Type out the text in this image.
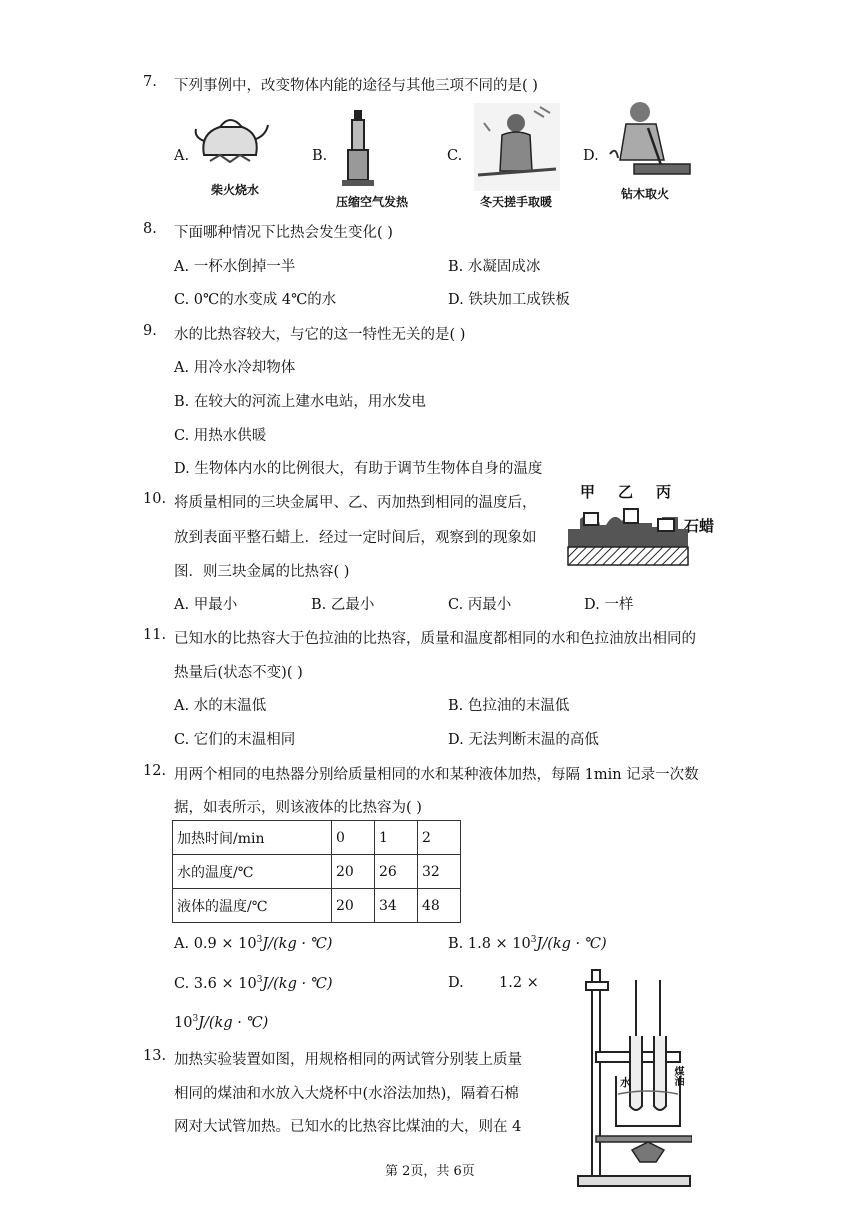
7. 下列事例中，改变物体内能的途径与其他三项不同的是( )
A.
柴火烧水
B.
压缩空气发热
C.
冬天搓手取暖
D.
钻木取火
8. 下面哪种情况下比热会发生变化( )
A. 一杯水倒掉一半	B. 水凝固成冰
C. 0℃的水变成 4℃的水	D. 铁块加工成铁板
9. 水的比热容较大，与它的这一特性无关的是( )
A. 用冷水冷却物体
B. 在较大的河流上建水电站，用水发电
C. 用热水供暖
D. 生物体内水的比例很大，有助于调节生物体自身的温度
10. 将质量相同的三块金属甲、乙、丙加热到相同的温度后，
放到表面平整石蜡上．经过一定时间后，观察到的现象如
图．则三块金属的比热容( )
甲 乙 丙
石蜡
A. 甲最小	B. 乙最小	C. 丙最小	D. 一样
11. 已知水的比热容大于色拉油的比热容，质量和温度都相同的水和色拉油放出相同的
热量后(状态不变)( )
A. 水的末温低	B. 色拉油的末温低
C. 它们的末温相同	D. 无法判断末温的高低
12. 用两个相同的电热器分别给质量相同的水和某种液体加热，每隔 1min 记录一次数
据，如表所示，则该液体的比热容为( )
加热时间/min	0	1	2
水的温度/℃	20	26	32
液体的温度/℃	20	34	48
A. $0.9 \times 10^3J/(kg$ · ℃)	B. $1.8 \times 10^3J/(kg$ · ℃)
C. $3.6 \times 10^3J/(kg$ · ℃)	D. 1.2 ×
$10^3J/(kg$ · ℃)
13. 加热实验装置如图，用规格相同的两试管分别装上质量
相同的煤油和水放入大烧杯中(水浴法加热)，隔着石棉
网对大试管加热。已知水的比热容比煤油的大，则在 4
水	煤油
第 2页，共 6页
